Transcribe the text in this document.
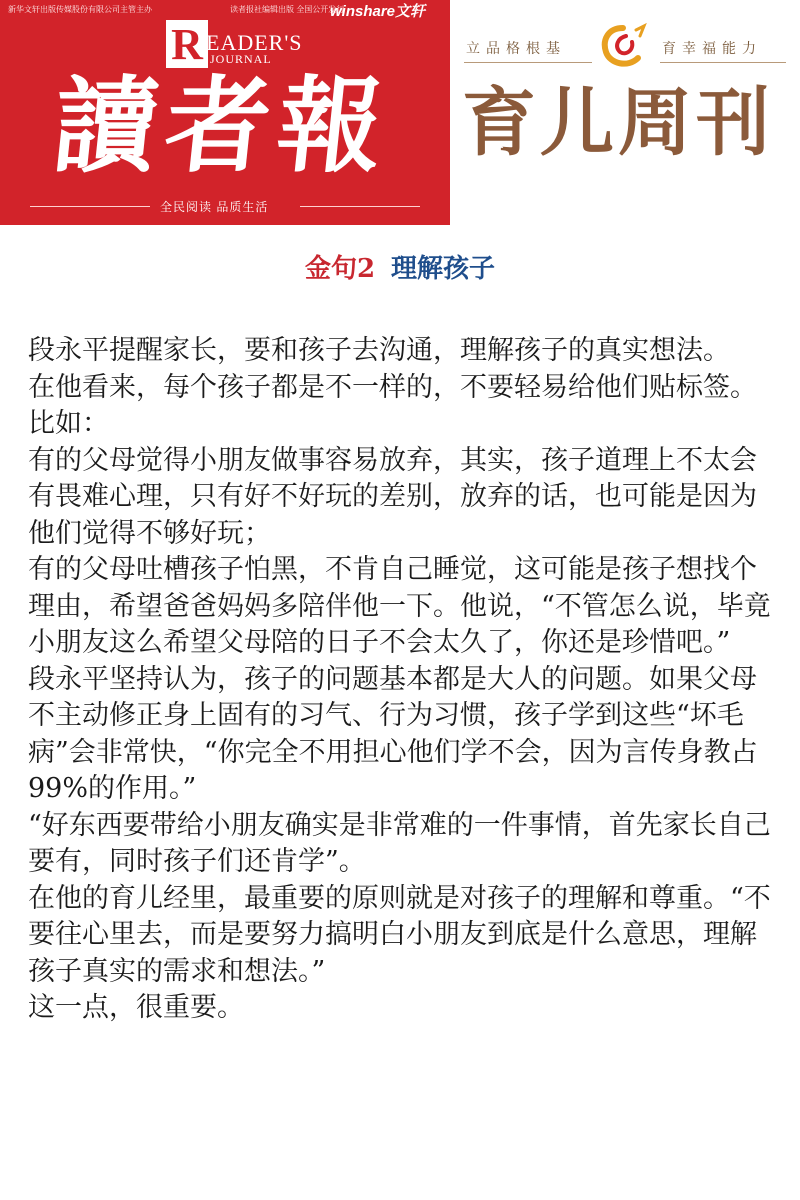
新华文轩出版传媒股份有限公司主管主办	读者报社编辑出版 全国公开发行
winshare文轩
R EADER'S
JOURNAL
讀者報
全民阅读 品质生活
立品格根基	育幸福能力
育儿周刊
金句2 理解孩子

段永平提醒家长，要和孩子去沟通，理解孩子的真实想法。

在他看来，每个孩子都是不一样的，不要轻易给他们贴标签。比如：

有的父母觉得小朋友做事容易放弃，其实，孩子道理上不太会有畏难心理，只有好不好玩的差别，放弃的话，也可能是因为他们觉得不够好玩；

有的父母吐槽孩子怕黑，不肯自己睡觉，这可能是孩子想找个理由，希望爸爸妈妈多陪伴他一下。他说，“不管怎么说，毕竟小朋友这么希望父母陪的日子不会太久了，你还是珍惜吧。”

段永平坚持认为，孩子的问题基本都是大人的问题。如果父母不主动修正身上固有的习气、行为习惯，孩子学到这些“坏毛病”会非常快，“你完全不用担心他们学不会，因为言传身教占99%的作用。”

“好东西要带给小朋友确实是非常难的一件事情，首先家长自己要有，同时孩子们还肯学”。

在他的育儿经里，最重要的原则就是对孩子的理解和尊重。“不要往心里去，而是要努力搞明白小朋友到底是什么意思，理解孩子真实的需求和想法。”

这一点，很重要。
